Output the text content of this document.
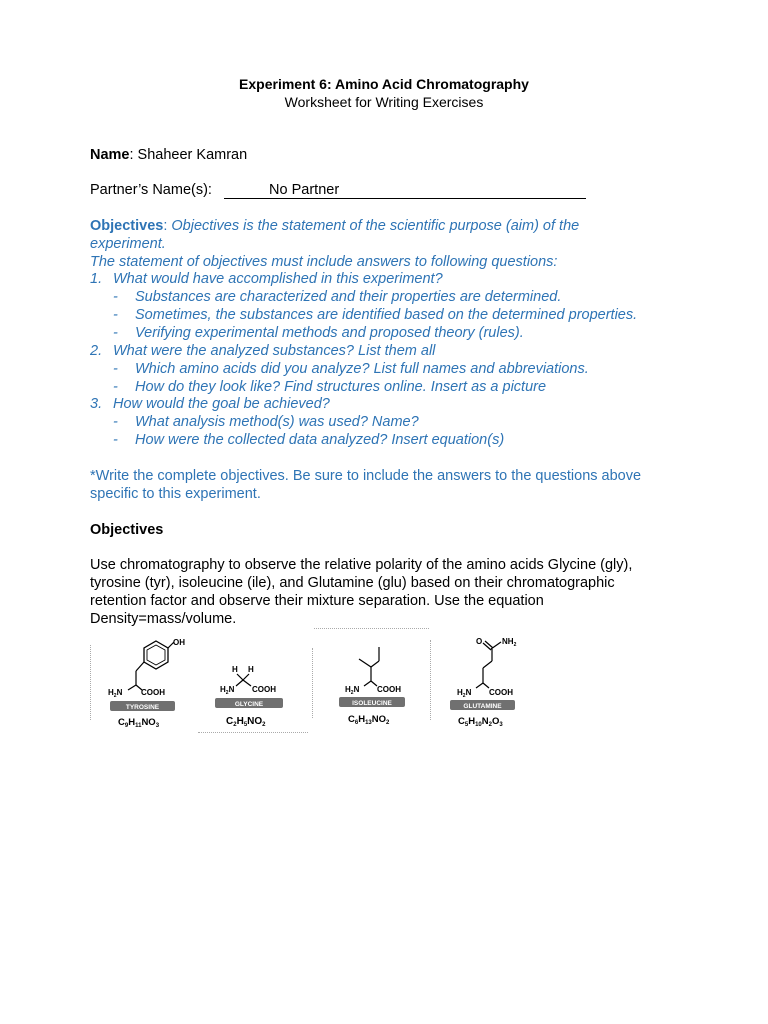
Experiment 6: Amino Acid Chromatography
Worksheet for Writing Exercises
Name: Shaheer Kamran
Partner’s Name(s):	No Partner
Objectives: Objectives is the statement of the scientific purpose (aim) of the
experiment.
The statement of objectives must include answers to following questions:
1. What would have accomplished in this experiment?
- Substances are characterized and their properties are determined.
- Sometimes, the substances are identified based on the determined properties.
- Verifying experimental methods and proposed theory (rules).
2. What were the analyzed substances? List them all
- Which amino acids did you analyze? List full names and abbreviations.
- How do they look like? Find structures online. Insert as a picture
3. How would the goal be achieved?
- What analysis method(s) was used? Name?
- How were the collected data analyzed? Insert equation(s)
*Write the complete objectives. Be sure to include the answers to the questions above
specific to this experiment.
Objectives
Use chromatography to observe the relative polarity of the amino acids Glycine (gly),
tyrosine (tyr), isoleucine (ile), and Glutamine (glu) based on their chromatographic
retention factor and observe their mixture separation. Use the equation
Density=mass/volume.
OH
$H_2N$ COOH
TYROSINE
$C_9H_{11}NO_3$
H H
$H_2N$ COOH
GLYCINE
$C_2H_5NO_2$
$H_2N$ COOH
ISOLEUCINE
$C_6H_{13}NO_2$
O $NH_2$
$H_2N$ COOH
GLUTAMINE
$C_5H_{10}N_2O_3$
